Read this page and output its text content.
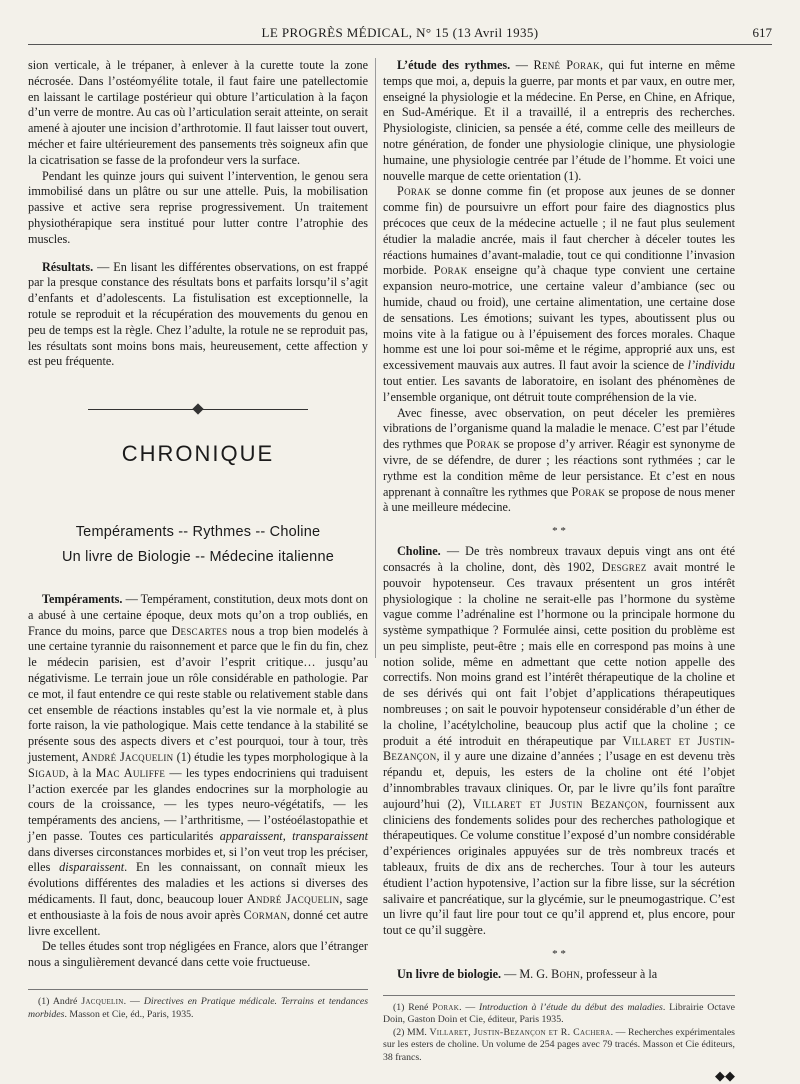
LE PROGRÈS MÉDICAL, N° 15 (13 Avril 1935)	617

sion verticale, à le trépaner, à enlever à la curette toute la zone nécrosée. Dans l’ostéomyélite totale, il faut faire une patellectomie en laissant le cartilage postérieur qui obture l’articulation à la façon d’un verre de montre. Au cas où l’articulation serait atteinte, on serait amené à ajouter une incision d’arthrotomie. Il faut laisser tout ouvert, mécher et faire ultérieurement des pansements très soigneux afin que la cicatrisation se fasse de la profondeur vers la surface.

Pendant les quinze jours qui suivent l’intervention, le genou sera immobilisé dans un plâtre ou sur une attelle. Puis, la mobilisation passive et active sera reprise progressivement. Un traitement physiothérapique sera institué pour lutter contre l’atrophie des muscles.

Résultats. — En lisant les différentes observations, on est frappé par la presque constance des résultats bons et parfaits lorsqu’il s’agit d’enfants et d’adolescents. La fistulisation est exceptionnelle, la rotule se reproduit et la récupération des mouvements du genou en peu de temps est la règle. Chez l’adulte, la rotule ne se reproduit pas, les résultats sont moins bons mais, heureusement, cette affection y est peu fréquente.

CHRONIQUE
Tempéraments -- Rythmes -- Choline
Un livre de Biologie -- Médecine italienne

Tempéraments. — Tempérament, constitution, deux mots dont on a abusé à une certaine époque, deux mots qu’on a trop oubliés, en France du moins, parce que Descartes nous a trop bien modelés à une certaine tyrannie du raisonnement et parce que le fin du fin, chez le médecin parisien, est d’avoir l’esprit critique… jusqu’au négativisme. Le terrain joue un rôle considérable en pathologie. Par ce mot, il faut entendre ce qui reste stable ou relativement stable dans cet ensemble de réactions instables qu’est la vie normale et, à plus forte raison, la vie pathologique. Mais cette tendance à la stabilité se présente sous des aspects divers et c’est pourquoi, tour à tour, très justement, André Jacquelin (1) étudie les types morphologique à la Sigaud, à la Mac Auliffe — les types endocriniens qui traduisent l’action exercée par les glandes endocrines sur la morphologie au cours de la croissance, — les types neuro-végétatifs, — les tempéraments des anciens, — l’arthritisme, — l’ostéoélastopathie et j’en passe. Toutes ces particularités apparaissent, transparaissent dans diverses circonstances morbides et, si l’on veut trop les préciser, elles disparaissent. En les connaissant, on connaît mieux les évolutions différentes des maladies et les actions si diverses des médicaments. Il faut, donc, beaucoup louer André Jacquelin, sage et enthousiaste à la fois de nous avoir après Corman, donné cet autre livre excellent.

De telles études sont trop négligées en France, alors que l’étranger nous a singulièrement devancé dans cette voie fructueuse.

(1) André Jacquelin. — Directives en Pratique médicale. Terrains et tendances morbides. Masson et Cie, éd., Paris, 1935.

L’étude des rythmes. — René Porak, qui fut interne en même temps que moi, a, depuis la guerre, par monts et par vaux, en outre mer, enseigné la physiologie et la médecine. En Perse, en Chine, en Afrique, en Sud-Amérique. Et il a travaillé, il a entrepris des recherches. Physiologiste, clinicien, sa pensée a été, comme celle des meilleurs de notre génération, de fonder une physiologie clinique, une physiologie humaine, une physiologie centrée par l’étude de l’homme. Et voici une nouvelle marque de cette orientation (1).

Porak se donne comme fin (et propose aux jeunes de se donner comme fin) de poursuivre un effort pour faire des diagnostics plus précoces que ceux de la médecine actuelle ; il ne faut plus seulement étudier la maladie ancrée, mais il faut chercher à déceler toutes les réactions humaines d’avant-maladie, tout ce qui conditionne l’invasion morbide. Porak enseigne qu’à chaque type convient une certaine expansion neuro-motrice, une certaine valeur d’ambiance (sec ou humide, chaud ou froid), une certaine alimentation, une certaine dose de sensations. Les émotions; suivant les types, aboutissent plus ou moins vite à la fatigue ou à l’épuisement des forces morales. Chaque homme est une loi pour soi-même et le régime, approprié aux uns, est excessivement mauvais aux autres. Il faut avoir la science de l’individu tout entier. Les savants de laboratoire, en isolant des phénomènes de l’ensemble organique, ont détruit toute compréhension de la vie.

Avec finesse, avec observation, on peut déceler les premières vibrations de l’organisme quand la maladie le menace. C’est par l’étude des rythmes que Porak se propose d’y arriver. Réagir est synonyme de vivre, de se défendre, de durer ; les réactions sont rythmées ; car le rythme est la condition même de leur persistance. Et c’est en nous apprenant à connaître les rythmes que Porak se propose de nous mener à une meilleure médecine.

* *

Choline. — De très nombreux travaux depuis vingt ans ont été consacrés à la choline, dont, dès 1902, Desgrez avait montré le pouvoir hypotenseur. Ces travaux présentent un gros intérêt physiologique : la choline ne serait-elle pas l’hormone du système vague comme l’adrénaline est l’hormone ou la principale hormone du système sympathique ? Formulée ainsi, cette position du problème est un peu simpliste, peut-être ; mais elle en correspond pas moins à une notion solide, même en admettant que cette notion appelle des correctifs. Non moins grand est l’intérêt thérapeutique de la choline et de ses dérivés qui ont fait l’objet d’applications thérapeutiques nombreuses ; on sait le pouvoir hypotenseur considérable d’un éther de la choline, l’acétylcholine, beaucoup plus actif que la choline ; ce produit a été introduit en thérapeutique par Villaret et Justin-Bezançon, il y aure une dizaine d’années ; l’usage en est devenu très répandu et, depuis, les esters de la choline ont été l’objet d’innombrables travaux cliniques. Or, par le livre qu’ils font paraître aujourd’hui (2), Villaret et Justin Bezançon, fournissent aux cliniciens des fondements solides pour des recherches pathologique et thérapeutiques. Ce volume constitue l’exposé d’un nombre considérable d’expériences originales appuyées sur de très nombreux tracés et tableaux, fruits de dix ans de recherches. Tour à tour les auteurs étudient l’action hypotensive, l’action sur la fibre lisse, sur la sécrétion salivaire et pancréatique, sur la glycémie, sur le pneumogastrique. C’est un livre qu’il faut lire pour tout ce qu’il apprend et, plus encore, pour tout ce qu’il suggère.

* *

Un livre de biologie. — M. G. Bohn, professeur à la

(1) René Porak. — Introduction à l’étude du début des maladies. Librairie Octave Doin, Gaston Doin et Cie, éditeur, Paris 1935.

(2) MM. Villaret, Justin-Bezançon et R. Cachera. — Recherches expérimentales sur les esters de choline. Un volume de 254 pages avec 79 tracés. Masson et Cie éditeurs, 38 francs.

◆◆
